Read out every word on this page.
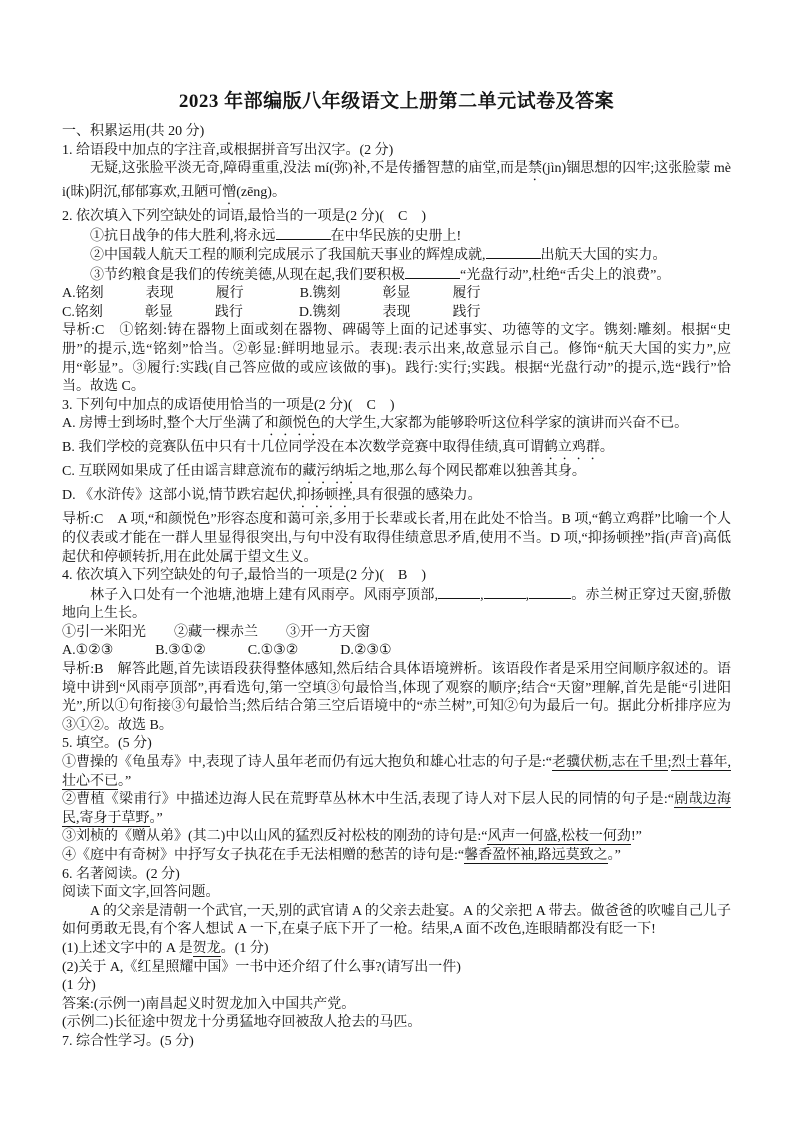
2023 年部编版八年级语文上册第二单元试卷及答案

一、积累运用(共 20 分)

1. 给语段中加点的字注音,或根据拼音写出汉字。(2 分)

无疑,这张脸平淡无奇,障碍重重,没法 mí(弥)补,不是传播智慧的庙堂,而是禁(jìn)锢思想的囚牢;这张脸蒙 mèi(昧)阴沉,郁郁寡欢,丑陋可憎(zēng)。

2. 依次填入下列空缺处的词语,最恰当的一项是(2 分)(　C　)

①抗日战争的伟大胜利,将永远	在中华民族的史册上!

②中国载人航天工程的顺利完成展示了我国航天事业的辉煌成就,	出航天大国的实力。

③节约粮食是我们的传统美德,从现在起,我们要积极	“光盘行动”,杜绝“舌尖上的浪费”。

A.铭刻　　　表现　　　履行　　　　B.镌刻　　　彰显　　　履行

C.铭刻　　　彰显　　　践行　　　　D.镌刻　　　表现　　　践行

导析:C　①铭刻:铸在器物上面或刻在器物、碑碣等上面的记述事实、功德等的文字。镌刻:雕刻。根据“史册”的提示,选“铭刻”恰当。②彰显:鲜明地显示。表现:表示出来,故意显示自己。修饰“航天大国的实力”,应用“彰显”。③履行:实践(自己答应做的或应该做的事)。践行:实行;实践。根据“光盘行动”的提示,选“践行”恰当。故选 C。

3. 下列句中加点的成语使用恰当的一项是(2 分)(　C　)

A. 房博士到场时,整个大厅坐满了和颜悦色的大学生,大家都为能够聆听这位科学家的演讲而兴奋不已。

B. 我们学校的竞赛队伍中只有十几位同学没在本次数学竞赛中取得佳绩,真可谓鹤立鸡群。

C. 互联网如果成了任由谣言肆意流布的藏污纳垢之地,那么每个网民都难以独善其身。

D. 《水浒传》这部小说,情节跌宕起伏,抑扬顿挫,具有很强的感染力。

导析:C　A 项,“和颜悦色”形容态度和蔼可亲,多用于长辈或长者,用在此处不恰当。B 项,“鹤立鸡群”比喻一个人的仪表或才能在一群人里显得很突出,与句中没有取得佳绩意思矛盾,使用不当。D 项,“抑扬顿挫”指(声音)高低起伏和停顿转折,用在此处属于望文生义。

4. 依次填入下列空缺处的句子,最恰当的一项是(2 分)(　B　)

林子入口处有一个池塘,池塘上建有风雨亭。风雨亭顶部,	,	,	。赤兰树正穿过天窗,骄傲地向上生长。

①引一米阳光　　②藏一棵赤兰　　③开一方天窗

A.①②③　　　B.③①②　　　C.①③②　　　D.②③①

导析:B　解答此题,首先读语段获得整体感知,然后结合具体语境辨析。该语段作者是采用空间顺序叙述的。语境中讲到“风雨亭顶部”,再看选句,第一空填③句最恰当,体现了观察的顺序;结合“天窗”理解,首先是能“引进阳光”,所以①句衔接③句最恰当;然后结合第三空后语境中的“赤兰树”,可知②句为最后一句。据此分析排序应为③①②。故选 B。

5. 填空。(5 分)

①曹操的《龟虽寿》中,表现了诗人虽年老而仍有远大抱负和雄心壮志的句子是:“老骥伏枥,志在千里;烈士暮年,壮心不已。”

②曹植《梁甫行》中描述边海人民在荒野草丛林木中生活,表现了诗人对下层人民的同情的句子是:“剧哉边海民,寄身于草野。”

③刘桢的《赠从弟》(其二)中以山风的猛烈反衬松枝的刚劲的诗句是:“风声一何盛,松枝一何劲!”

④《庭中有奇树》中抒写女子执花在手无法相赠的愁苦的诗句是:“馨香盈怀袖,路远莫致之。”

6. 名著阅读。(2 分)

阅读下面文字,回答问题。

A 的父亲是清朝一个武官,一天,别的武官请 A 的父亲去赴宴。A 的父亲把 A 带去。做爸爸的吹嘘自己儿子如何勇敢无畏,有个客人想试 A 一下,在桌子底下开了一枪。结果,A 面不改色,连眼睛都没有眨一下!

(1)上述文字中的 A 是贺龙。(1 分)

(2)关于 A,《红星照耀中国》一书中还介绍了什么事?(请写出一件)

(1 分)

答案:(示例一)南昌起义时贺龙加入中国共产党。

(示例二)长征途中贺龙十分勇猛地夺回被敌人抢去的马匹。

7. 综合性学习。(5 分)
